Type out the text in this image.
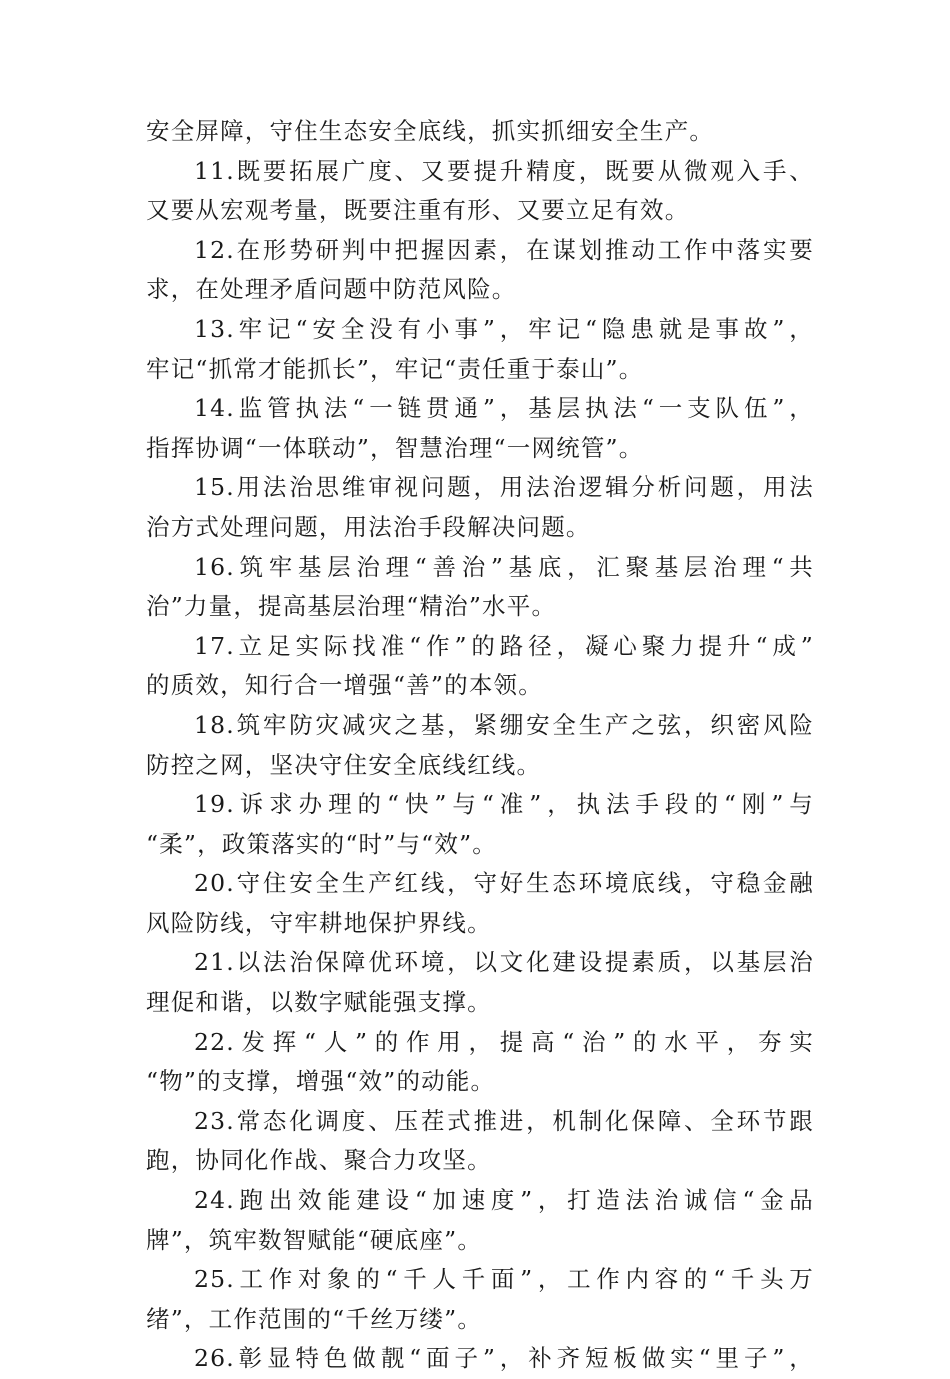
安全屏障，守住生态安全底线，抓实抓细安全生产。
11.既要拓展广度、又要提升精度，既要从微观入手、
又要从宏观考量，既要注重有形、又要立足有效。
12.在形势研判中把握因素，在谋划推动工作中落实要
求，在处理矛盾问题中防范风险。
13.牢记“安全没有小事”，牢记“隐患就是事故”，
牢记“抓常才能抓长”，牢记“责任重于泰山”。
14.监管执法“一链贯通”，基层执法“一支队伍”，
指挥协调“一体联动”，智慧治理“一网统管”。
15.用法治思维审视问题，用法治逻辑分析问题，用法
治方式处理问题，用法治手段解决问题。
16.筑牢基层治理“善治”基底，汇聚基层治理“共
治”力量，提高基层治理“精治”水平。
17.立足实际找准“作”的路径，凝心聚力提升“成”
的质效，知行合一增强“善”的本领。
18.筑牢防灾减灾之基，紧绷安全生产之弦，织密风险
防控之网，坚决守住安全底线红线。
19.诉求办理的“快”与“准”，执法手段的“刚”与
“柔”，政策落实的“时”与“效”。
20.守住安全生产红线，守好生态环境底线，守稳金融
风险防线，守牢耕地保护界线。
21.以法治保障优环境，以文化建设提素质，以基层治
理促和谐，以数字赋能强支撑。
22.发挥“人”的作用，提高“治”的水平，夯实
“物”的支撑，增强“效”的动能。
23.常态化调度、压茬式推进，机制化保障、全环节跟
跑，协同化作战、聚合力攻坚。
24.跑出效能建设“加速度”，打造法治诚信“金品
牌”，筑牢数智赋能“硬底座”。
25.工作对象的“千人千面”，工作内容的“千头万
绪”，工作范围的“千丝万缕”。
26.彰显特色做靓“面子”，补齐短板做实“里子”，
